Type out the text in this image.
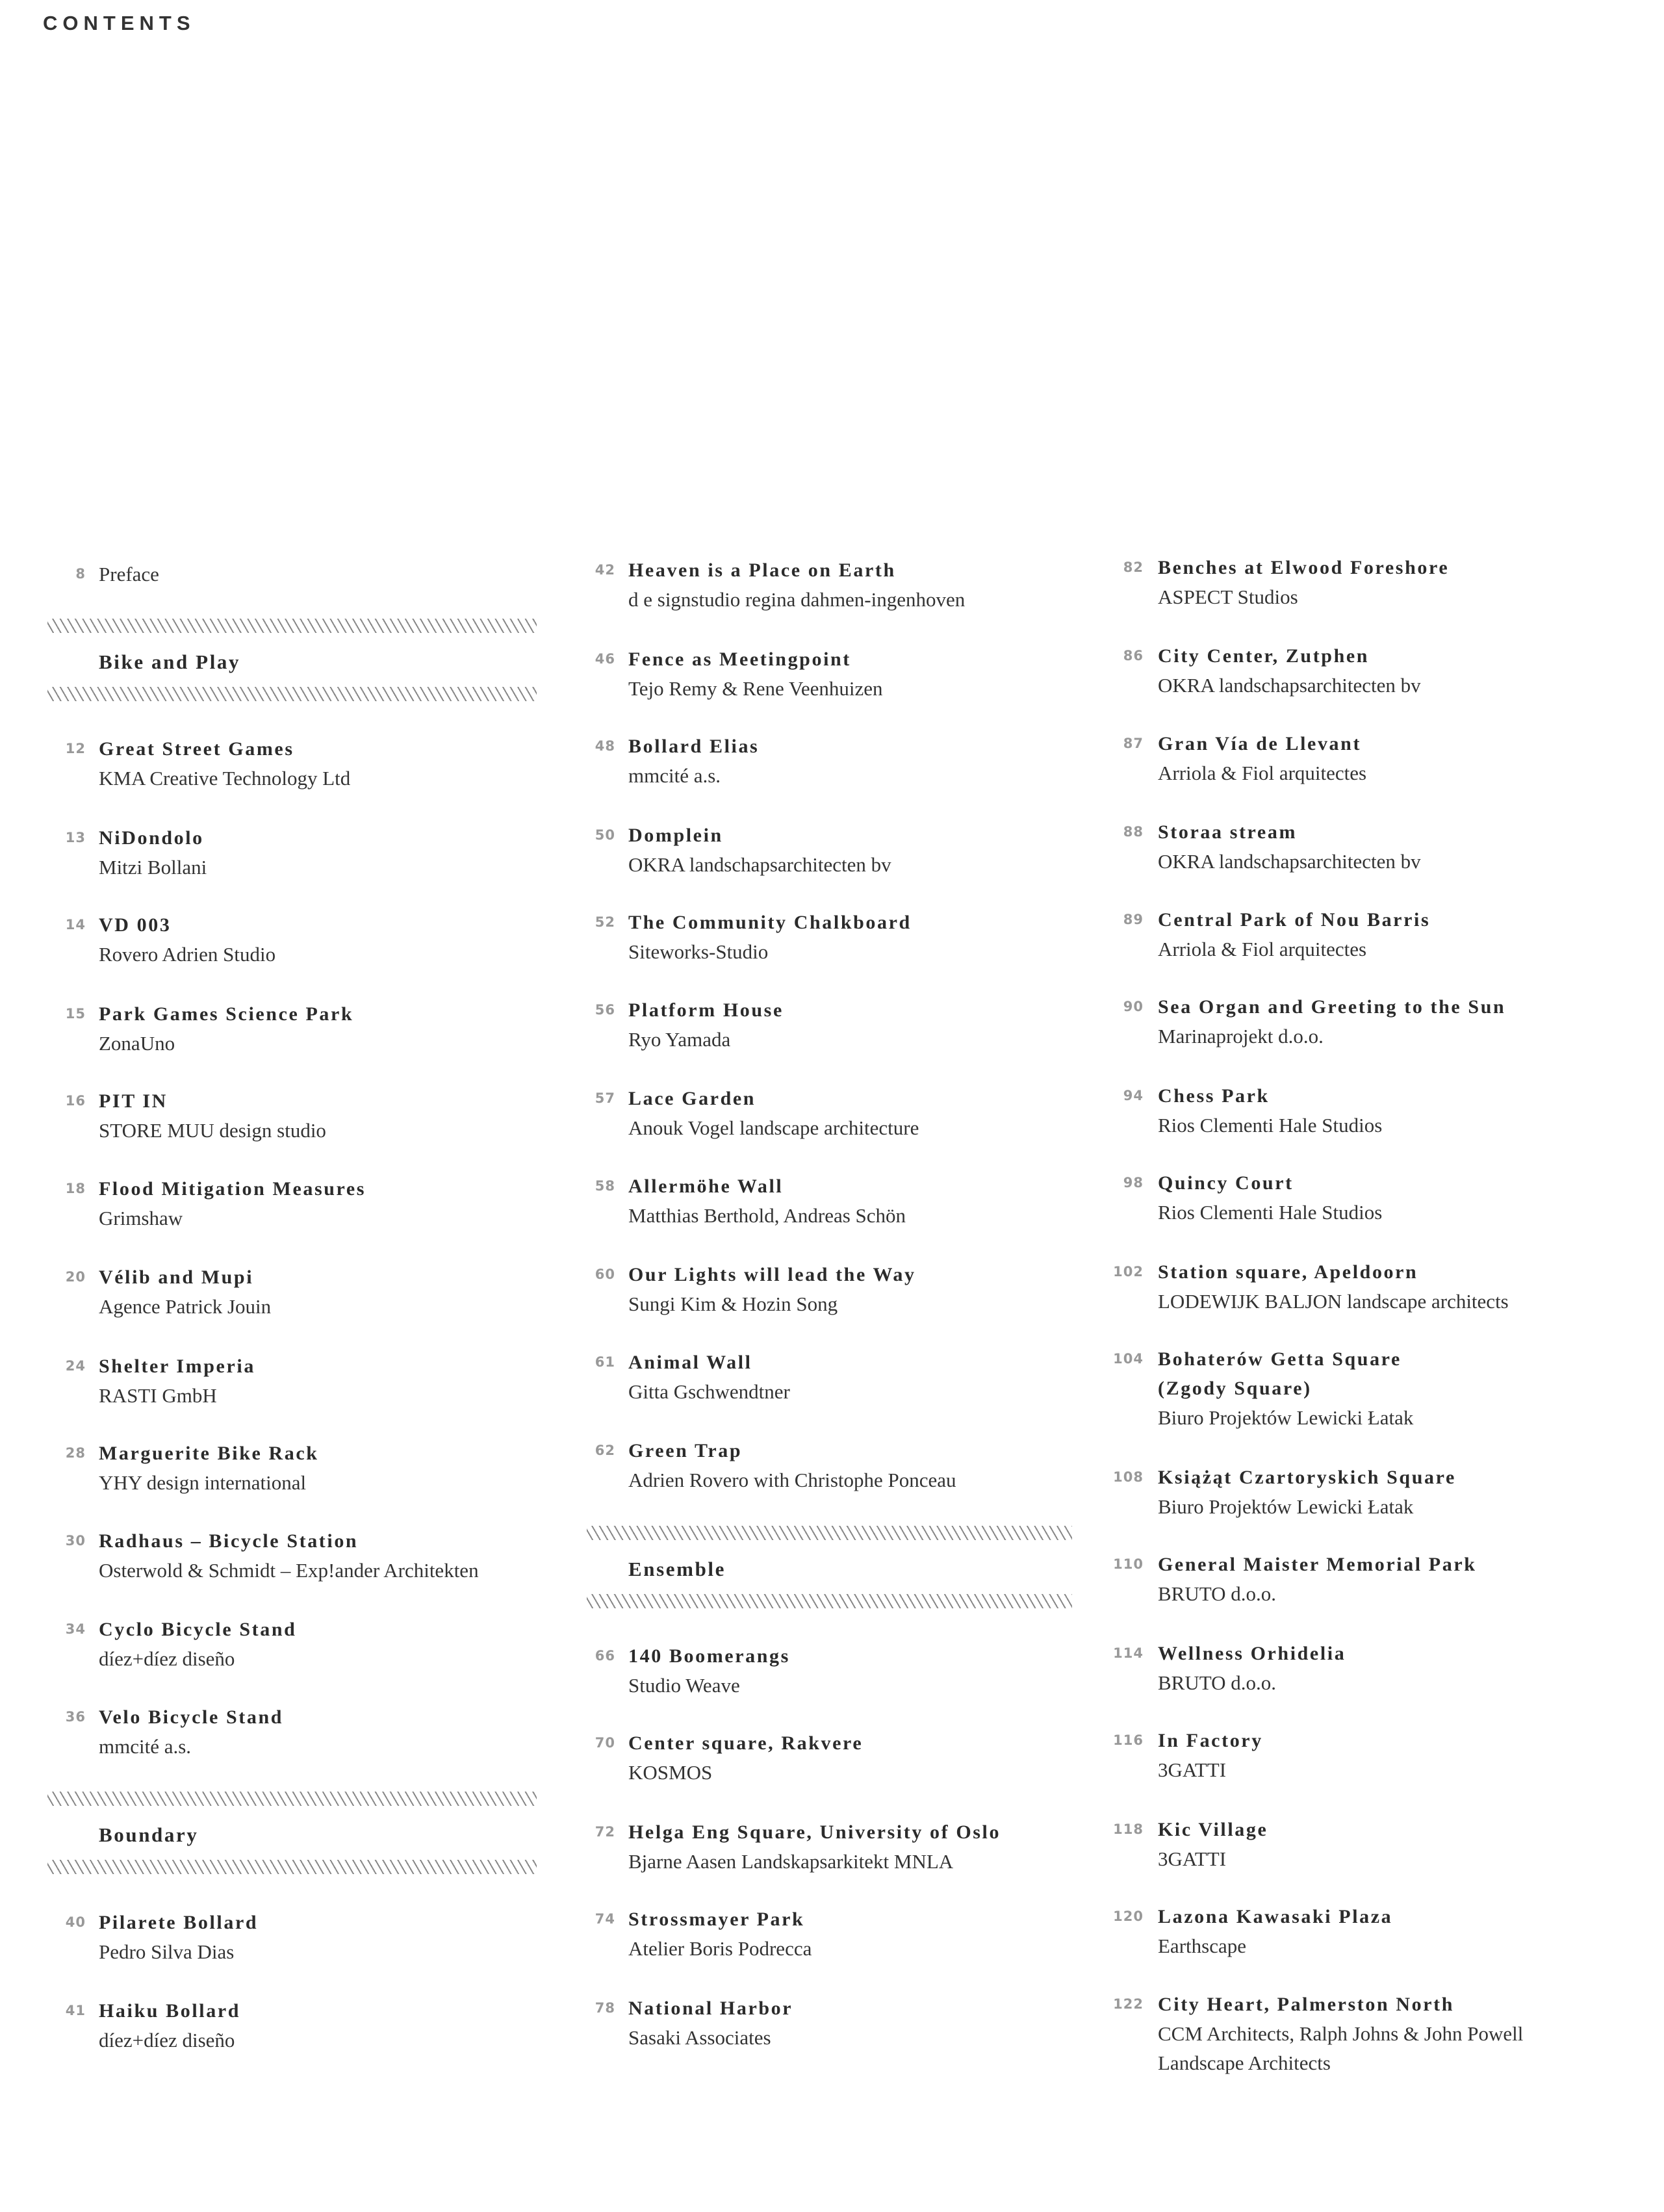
CONTENTS
8 Preface
Bike and Play
12 Great Street Games
KMA Creative Technology Ltd
13 NiDondolo
Mitzi Bollani
14 VD 003
Rovero Adrien Studio
15 Park Games Science Park
ZonaUno
16 PIT IN
STORE MUU design studio
18 Flood Mitigation Measures
Grimshaw
20 Vélib and Mupi
Agence Patrick Jouin
24 Shelter Imperia
RASTI GmbH
28 Marguerite Bike Rack
YHY design international
30 Radhaus – Bicycle Station
Osterwold & Schmidt – Exp!ander Architekten
34 Cyclo Bicycle Stand
díez+díez diseño
36 Velo Bicycle Stand
mmcité a.s.
Boundary
40 Pilarete Bollard
Pedro Silva Dias
41 Haiku Bollard
díez+díez diseño
42 Heaven is a Place on Earth
d e signstudio regina dahmen-ingenhoven
46 Fence as Meetingpoint
Tejo Remy & Rene Veenhuizen
48 Bollard Elias
mmcité a.s.
50 Domplein
OKRA landschapsarchitecten bv
52 The Community Chalkboard
Siteworks-Studio
56 Platform House
Ryo Yamada
57 Lace Garden
Anouk Vogel landscape architecture
58 Allermöhe Wall
Matthias Berthold, Andreas Schön
60 Our Lights will lead the Way
Sungi Kim & Hozin Song
61 Animal Wall
Gitta Gschwendtner
62 Green Trap
Adrien Rovero with Christophe Ponceau
Ensemble
66 140 Boomerangs
Studio Weave
70 Center square, Rakvere
KOSMOS
72 Helga Eng Square, University of Oslo
Bjarne Aasen Landskapsarkitekt MNLA
74 Strossmayer Park
Atelier Boris Podrecca
78 National Harbor
Sasaki Associates
82 Benches at Elwood Foreshore
ASPECT Studios
86 City Center, Zutphen
OKRA landschapsarchitecten bv
87 Gran Vía de Llevant
Arriola & Fiol arquitectes
88 Storaa stream
OKRA landschapsarchitecten bv
89 Central Park of Nou Barris
Arriola & Fiol arquitectes
90 Sea Organ and Greeting to the Sun
Marinaprojekt d.o.o.
94 Chess Park
Rios Clementi Hale Studios
98 Quincy Court
Rios Clementi Hale Studios
102 Station square, Apeldoorn
LODEWIJK BALJON landscape architects
104 Bohaterów Getta Square
(Zgody Square)
Biuro Projektów Lewicki Łatak
108 Książąt Czartoryskich Square
Biuro Projektów Lewicki Łatak
110 General Maister Memorial Park
BRUTO d.o.o.
114 Wellness Orhidelia
BRUTO d.o.o.
116 In Factory
3GATTI
118 Kic Village
3GATTI
120 Lazona Kawasaki Plaza
Earthscape
122 City Heart, Palmerston North
CCM Architects, Ralph Johns & John Powell
Landscape Architects
